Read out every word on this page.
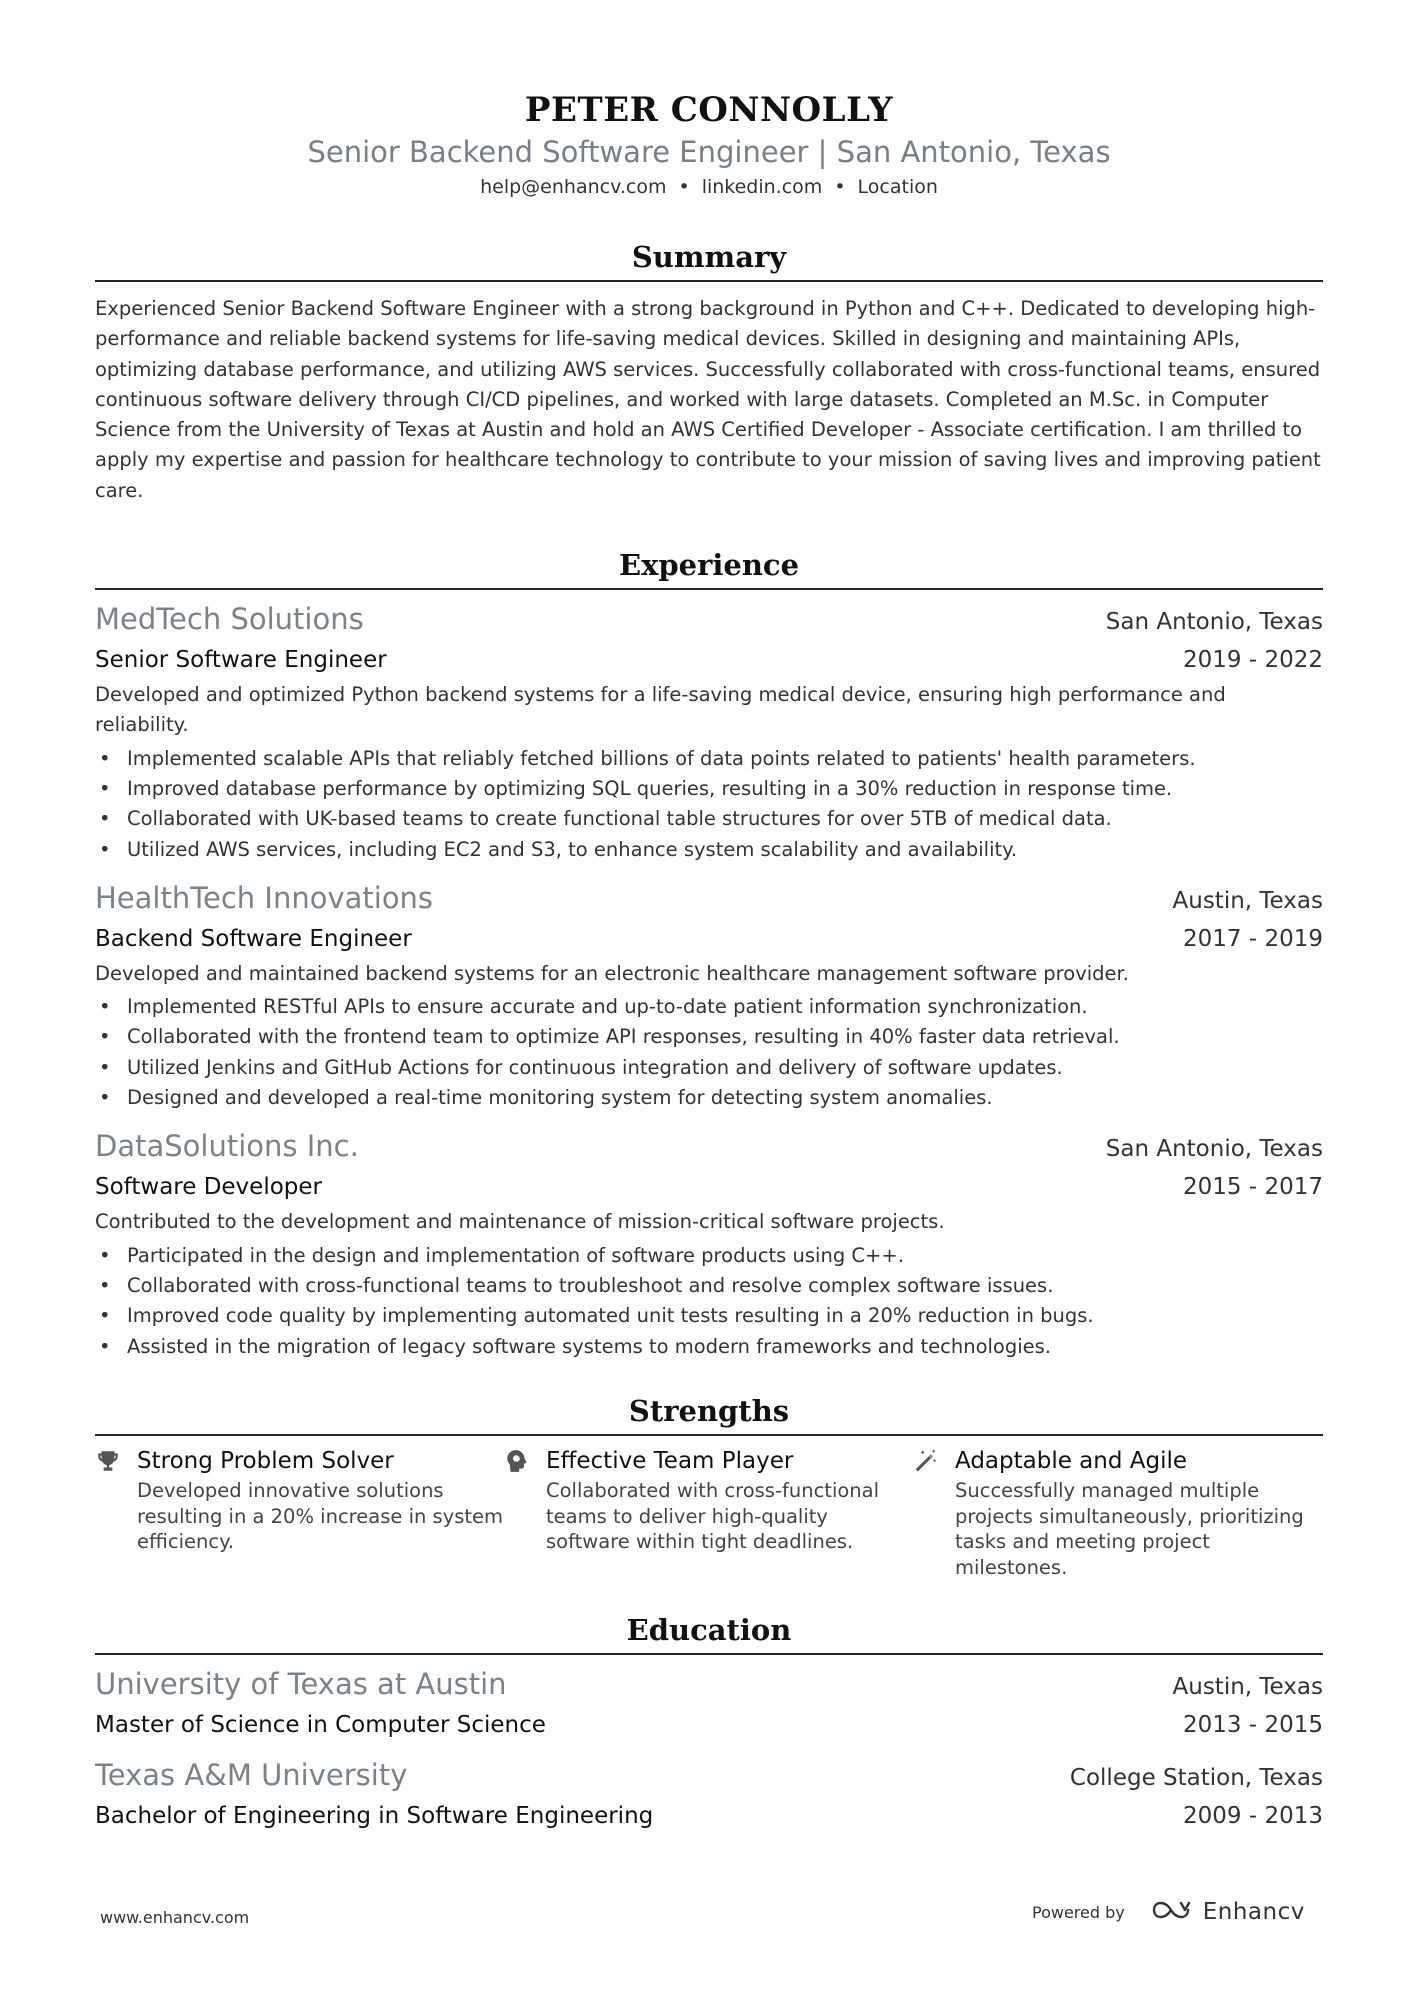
PETER CONNOLLY
Senior Backend Software Engineer | San Antonio, Texas
help@enhancv.com • linkedin.com • Location
Summary
Experienced Senior Backend Software Engineer with a strong background in Python and C++. Dedicated to developing high-performance and reliable backend systems for life-saving medical devices. Skilled in designing and maintaining APIs, optimizing database performance, and utilizing AWS services. Successfully collaborated with cross-functional teams, ensured continuous software delivery through CI/CD pipelines, and worked with large datasets. Completed an M.Sc. in Computer Science from the University of Texas at Austin and hold an AWS Certified Developer - Associate certification. I am thrilled to apply my expertise and passion for healthcare technology to contribute to your mission of saving lives and improving patient care.
Experience
MedTech Solutions	San Antonio, Texas
Senior Software Engineer	2019 - 2022
Developed and optimized Python backend systems for a life-saving medical device, ensuring high performance and reliability.
• Implemented scalable APIs that reliably fetched billions of data points related to patients' health parameters.
• Improved database performance by optimizing SQL queries, resulting in a 30% reduction in response time.
• Collaborated with UK-based teams to create functional table structures for over 5TB of medical data.
• Utilized AWS services, including EC2 and S3, to enhance system scalability and availability.
HealthTech Innovations	Austin, Texas
Backend Software Engineer	2017 - 2019
Developed and maintained backend systems for an electronic healthcare management software provider.
• Implemented RESTful APIs to ensure accurate and up-to-date patient information synchronization.
• Collaborated with the frontend team to optimize API responses, resulting in 40% faster data retrieval.
• Utilized Jenkins and GitHub Actions for continuous integration and delivery of software updates.
• Designed and developed a real-time monitoring system for detecting system anomalies.
DataSolutions Inc.	San Antonio, Texas
Software Developer	2015 - 2017
Contributed to the development and maintenance of mission-critical software projects.
• Participated in the design and implementation of software products using C++.
• Collaborated with cross-functional teams to troubleshoot and resolve complex software issues.
• Improved code quality by implementing automated unit tests resulting in a 20% reduction in bugs.
• Assisted in the migration of legacy software systems to modern frameworks and technologies.
Strengths
Strong Problem Solver
Developed innovative solutions resulting in a 20% increase in system efficiency.
Effective Team Player
Collaborated with cross-functional teams to deliver high-quality software within tight deadlines.
Adaptable and Agile
Successfully managed multiple projects simultaneously, prioritizing tasks and meeting project milestones.
Education
University of Texas at Austin	Austin, Texas
Master of Science in Computer Science	2013 - 2015
Texas A&M University	College Station, Texas
Bachelor of Engineering in Software Engineering	2009 - 2013
www.enhancv.com	Powered by	Enhancv
